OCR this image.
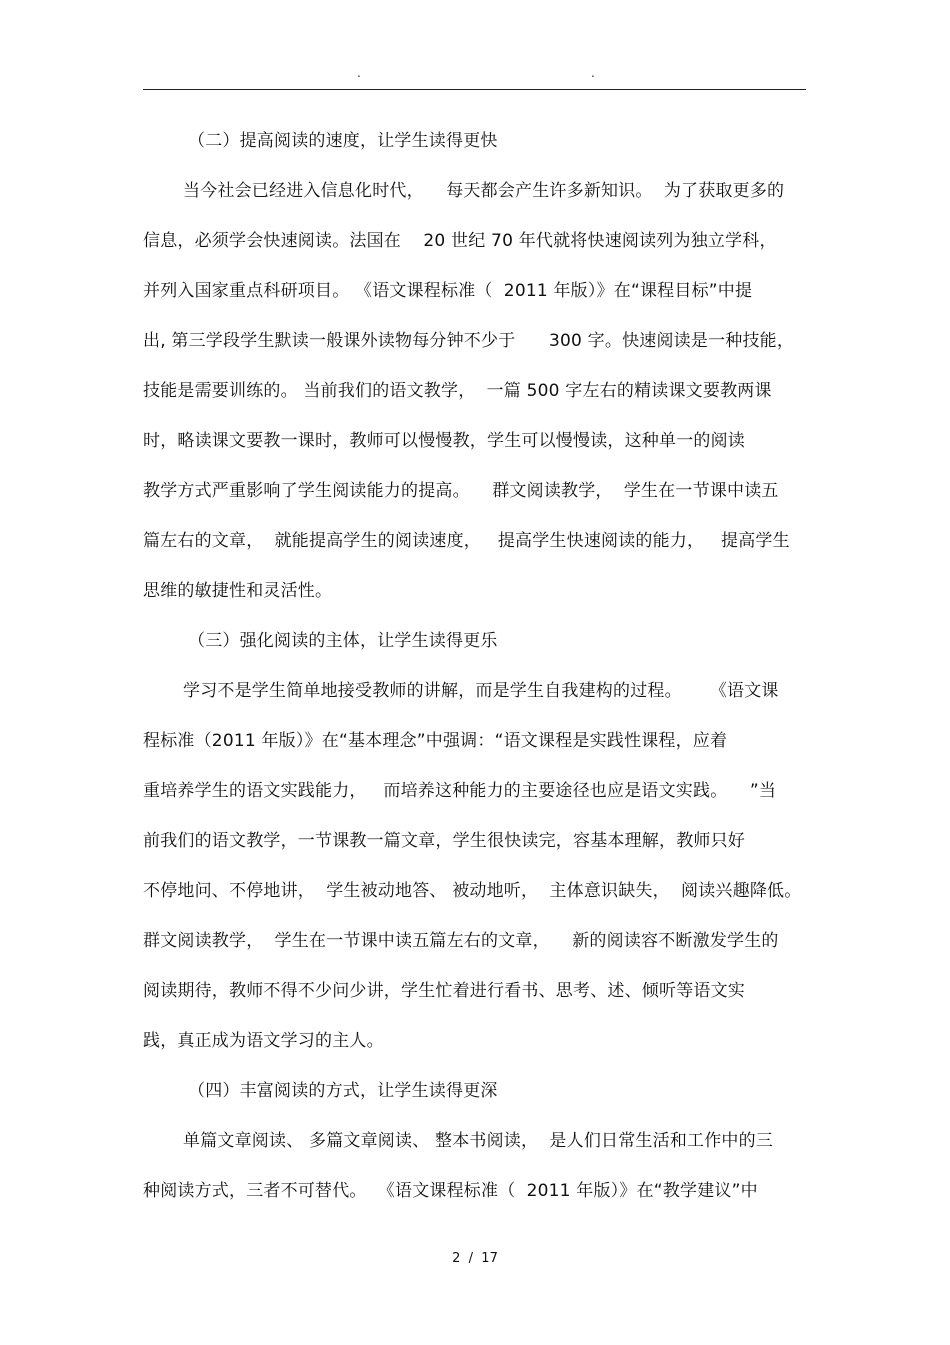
.	.
（二）提高阅读的速度，让学生读得更快
当今社会已经进入信息化时代，    每天都会产生许多新知识。  为了获取更多的
信息，必须学会快速阅读。法国在    20 世纪 70 年代就将快速阅读列为独立学科，
并列入国家重点科研项目。 《语文课程标准（  2011 年版）》在“课程目标”中提
出, 第三学段学生默读一般课外读物每分钟不少于      300 字。快速阅读是一种技能，
技能是需要训练的。 当前我们的语文教学，  一篇 500 字左右的精读课文要教两课
时，略读课文要教一课时，教师可以慢慢教，学生可以慢慢读，这种单一的阅读
教学方式严重影响了学生阅读能力的提高。    群文阅读教学，  学生在一节课中读五
篇左右的文章，  就能提高学生的阅读速度，   提高学生快速阅读的能力，   提高学生
思维的敏捷性和灵活性。
（三）强化阅读的主体，让学生读得更乐
学习不是学生简单地接受教师的讲解，而是学生自我建构的过程。     《语文课
程标准（2011 年版）》在“基本理念”中强调：“语文课程是实践性课程，应着
重培养学生的语文实践能力，   而培养这种能力的主要途径也应是语文实践。    ”当
前我们的语文教学，一节课教一篇文章，学生很快读完，容基本理解，教师只好
不停地问、不停地讲，  学生被动地答、 被动地听，  主体意识缺失，  阅读兴趣降低。
群文阅读教学，  学生在一节课中读五篇左右的文章，    新的阅读容不断激发学生的
阅读期待，教师不得不少问少讲，学生忙着进行看书、思考、述、倾听等语文实
践，真正成为语文学习的主人。
（四）丰富阅读的方式，让学生读得更深
单篇文章阅读、 多篇文章阅读、 整本书阅读，  是人们日常生活和工作中的三
种阅读方式，三者不可替代。  《语文课程标准（  2011 年版）》在“教学建议”中
2  /  17
